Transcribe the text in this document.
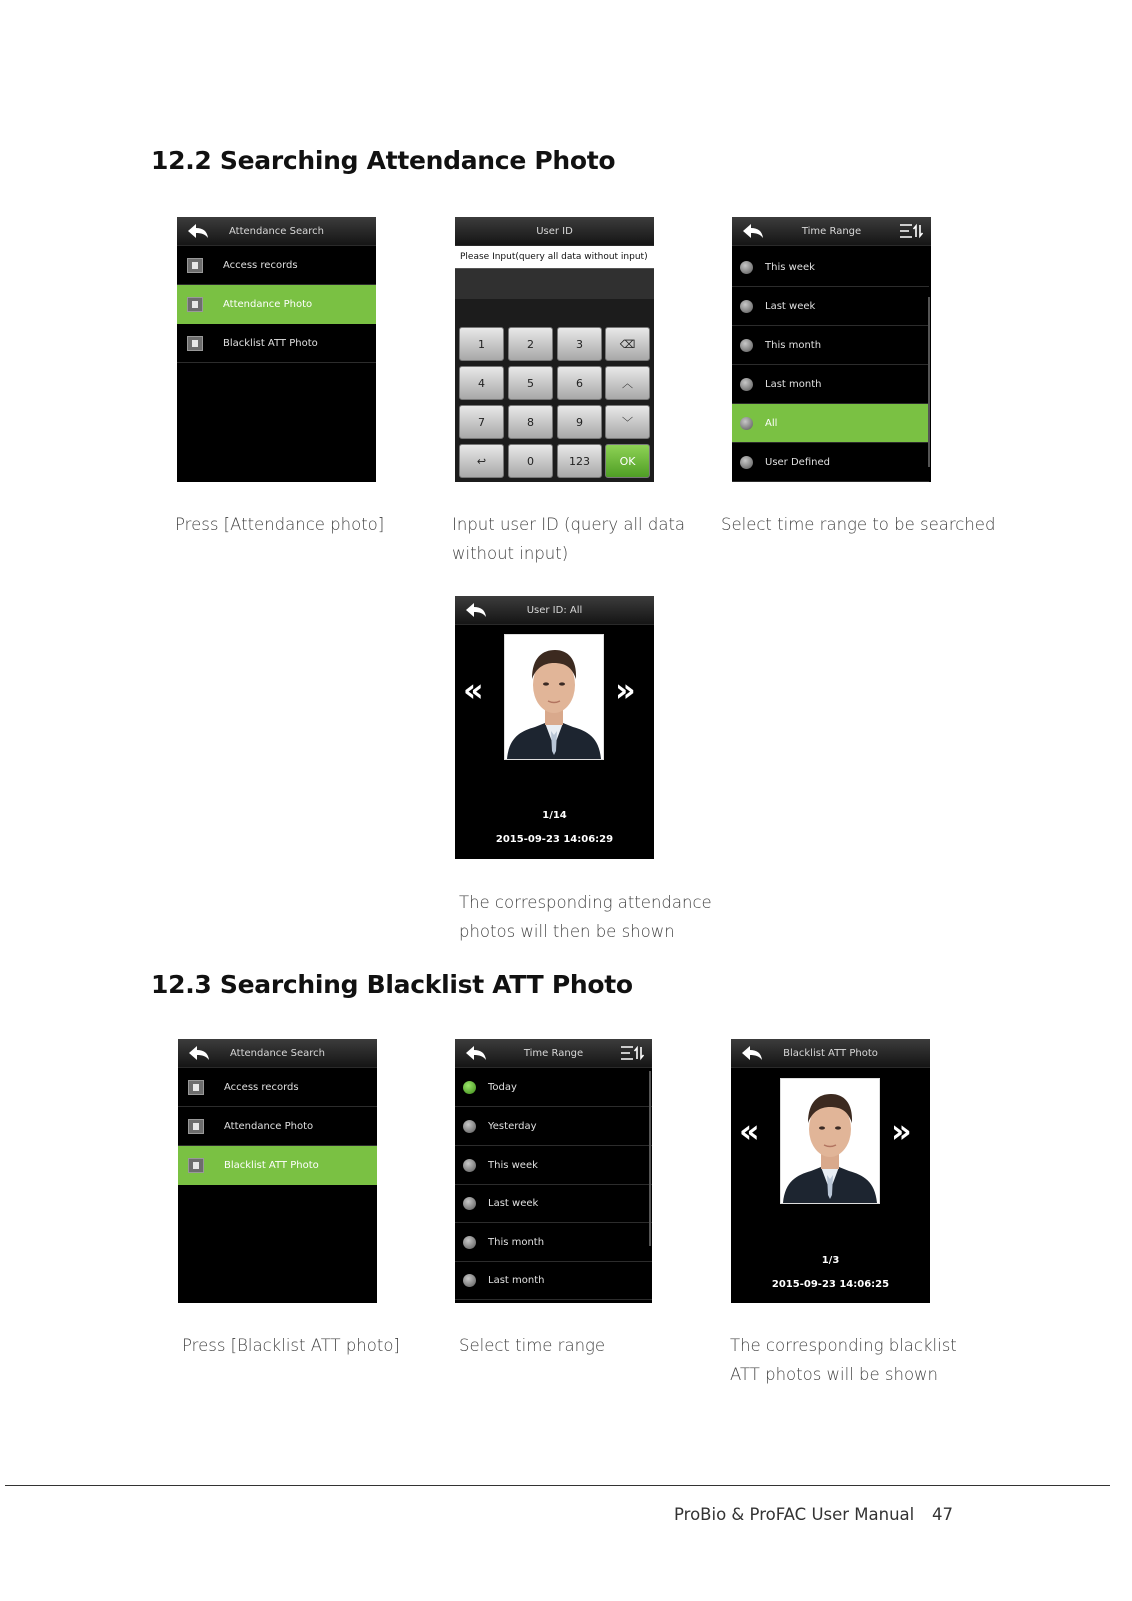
12.2 Searching Attendance Photo
Attendance Search
Access records
Attendance Photo
Blacklist ATT Photo
User ID
Please Input(query all data without input)
1	2	3	⌫
4	5	6	︿
7	8	9	﹀
↩	0	123	OK
Time Range
This week
Last week
This month
Last month
All
User Defined
Press [Attendance photo]	Input user ID (query all data
without input)
Select time range to be searched
User ID: All
«	»
1/14
2015-09-23 14:06:29
The corresponding attendance
photos will then be shown
12.3 Searching Blacklist ATT Photo
Attendance Search
Access records
Attendance Photo
Blacklist ATT Photo
Time Range
Today
Yesterday
This week
Last week
This month
Last month
Blacklist ATT Photo
«	»
1/3
2015-09-23 14:06:25
Press [Blacklist ATT photo]	Select time range	The corresponding blacklist
ATT photos will be shown
ProBio & ProFAC User Manual 47
